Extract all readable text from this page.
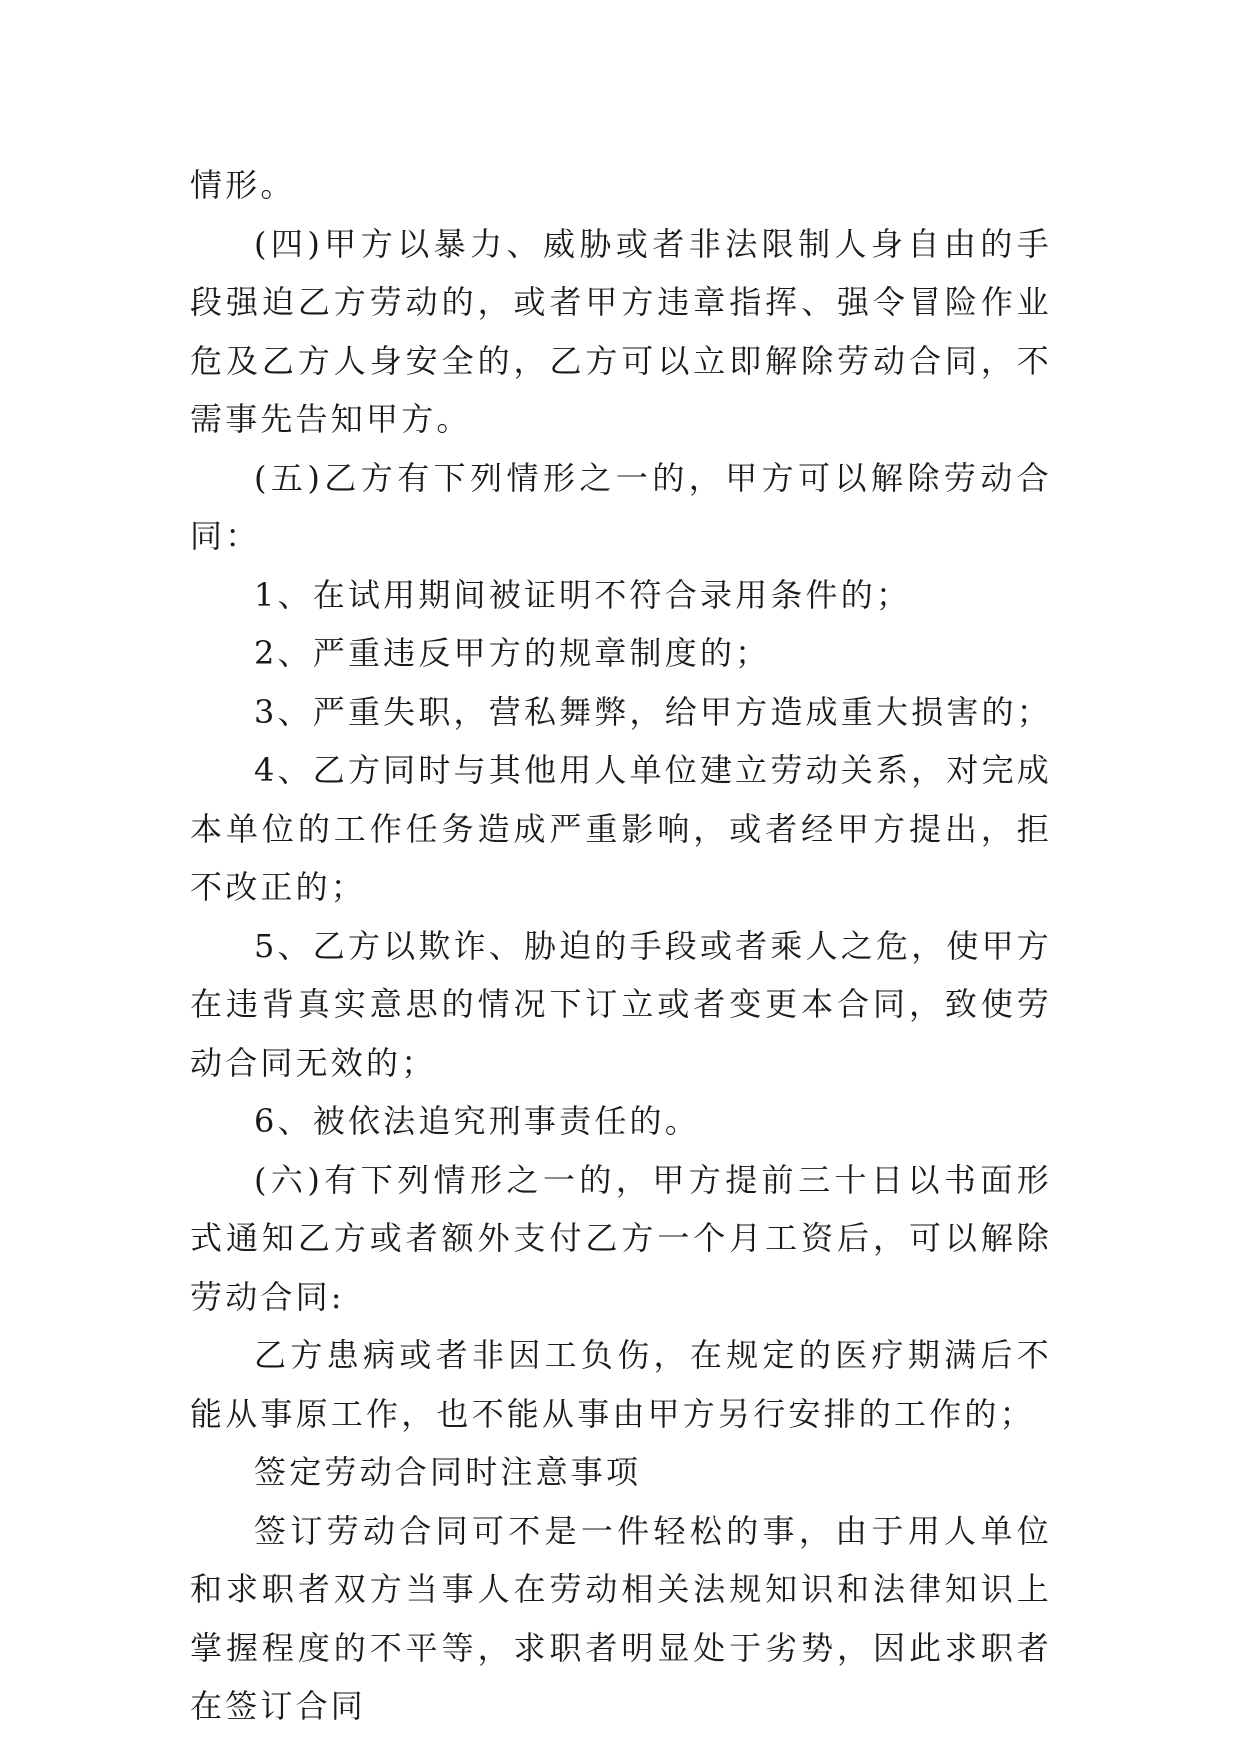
情形。

(四)甲方以暴力、威胁或者非法限制人身自由的手段强迫乙方劳动的，或者甲方违章指挥、强令冒险作业危及乙方人身安全的，乙方可以立即解除劳动合同，不需事先告知甲方。

(五)乙方有下列情形之一的，甲方可以解除劳动合同：

1、在试用期间被证明不符合录用条件的；

2、严重违反甲方的规章制度的；

3、严重失职，营私舞弊，给甲方造成重大损害的；

4、乙方同时与其他用人单位建立劳动关系，对完成本单位的工作任务造成严重影响，或者经甲方提出，拒不改正的；

5、乙方以欺诈、胁迫的手段或者乘人之危，使甲方在违背真实意思的情况下订立或者变更本合同，致使劳动合同无效的；

6、被依法追究刑事责任的。

(六)有下列情形之一的，甲方提前三十日以书面形式通知乙方或者额外支付乙方一个月工资后，可以解除劳动合同:

乙方患病或者非因工负伤，在规定的医疗期满后不能从事原工作，也不能从事由甲方另行安排的工作的；

签定劳动合同时注意事项

签订劳动合同可不是一件轻松的事，由于用人单位和求职者双方当事人在劳动相关法规知识和法律知识上掌握程度的不平等，求职者明显处于劣势，因此求职者在签订合同
